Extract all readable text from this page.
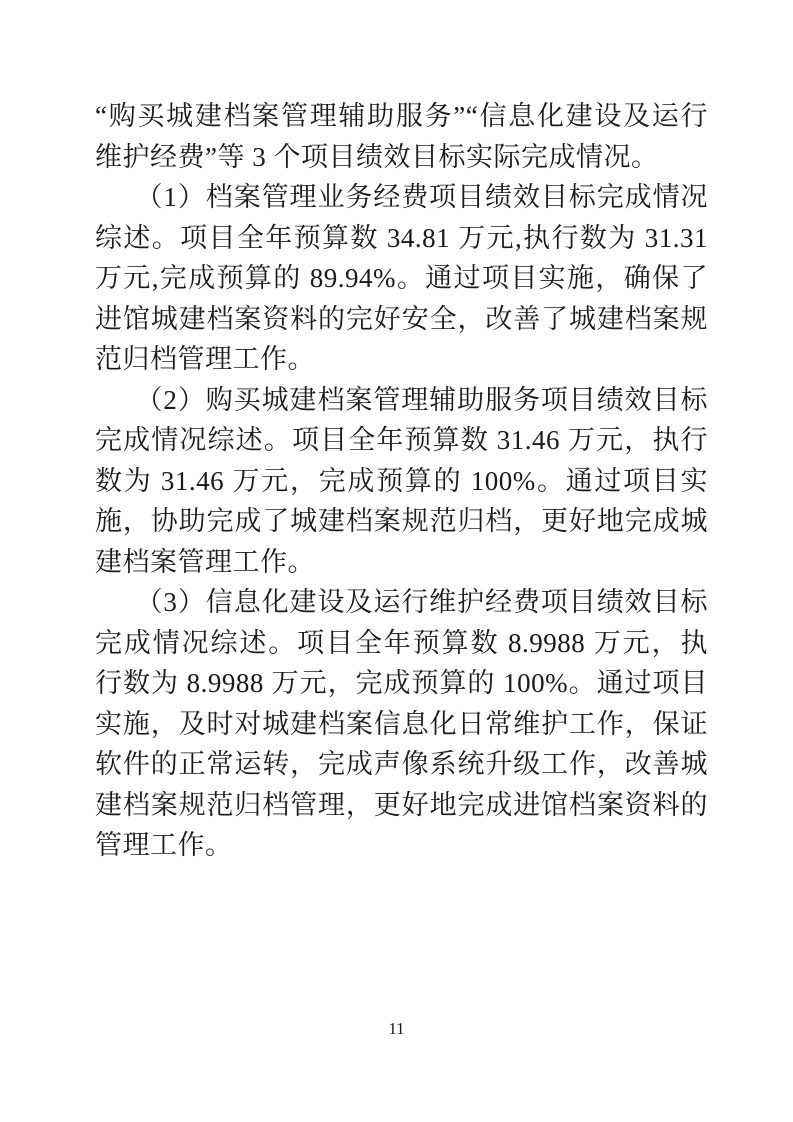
“购买城建档案管理辅助服务”“信息化建设及运行维护经费”等 3 个项目绩效目标实际完成情况。

（1）档案管理业务经费项目绩效目标完成情况综述。项目全年预算数 34.81 万元,执行数为 31.31 万元,完成预算的 89.94%。通过项目实施，确保了进馆城建档案资料的完好安全，改善了城建档案规范归档管理工作。

（2）购买城建档案管理辅助服务项目绩效目标完成情况综述。项目全年预算数 31.46 万元，执行数为 31.46 万元，完成预算的 100%。通过项目实施，协助完成了城建档案规范归档，更好地完成城建档案管理工作。

（3）信息化建设及运行维护经费项目绩效目标完成情况综述。项目全年预算数 8.9988 万元，执行数为 8.9988 万元，完成预算的 100%。通过项目实施，及时对城建档案信息化日常维护工作，保证软件的正常运转，完成声像系统升级工作，改善城建档案规范归档管理，更好地完成进馆档案资料的管理工作。

11
